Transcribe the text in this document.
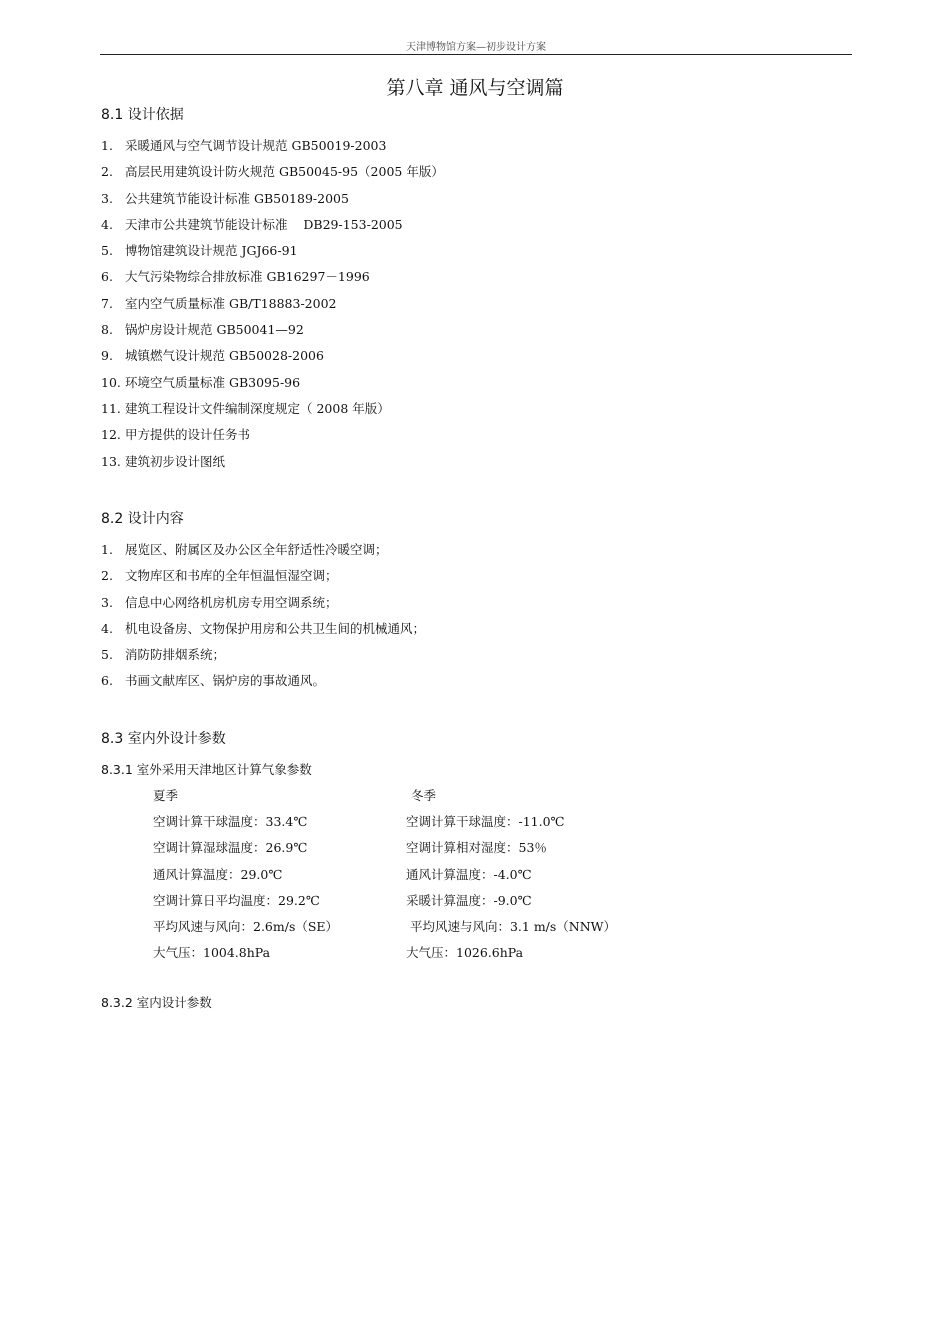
天津博物馆方案—初步设计方案
第八章 通风与空调篇
8.1 设计依据
1. 采暖通风与空气调节设计规范 GB50019-2003
2. 高层民用建筑设计防火规范 GB50045-95（2005 年版）
3. 公共建筑节能设计标准 GB50189-2005
4. 天津市公共建筑节能设计标准    DB29-153-2005
5. 博物馆建筑设计规范 JGJ66-91
6. 大气污染物综合排放标准 GB16297－1996
7. 室内空气质量标准 GB/T18883-2002
8. 锅炉房设计规范 GB50041—92
9. 城镇燃气设计规范 GB50028-2006
10. 环境空气质量标准 GB3095-96
11. 建筑工程设计文件编制深度规定（ 2008 年版）
12. 甲方提供的设计任务书
13. 建筑初步设计图纸
8.2 设计内容
1. 展览区、附属区及办公区全年舒适性冷暖空调；
2. 文物库区和书库的全年恒温恒湿空调；
3. 信息中心网络机房机房专用空调系统；
4. 机电设备房、文物保护用房和公共卫生间的机械通风；
5. 消防防排烟系统；
6. 书画文献库区、锅炉房的事故通风。
8.3 室内外设计参数
8.3.1 室外采用天津地区计算气象参数
夏季	冬季
空调计算干球温度：33.4℃	空调计算干球温度：-11.0℃
空调计算湿球温度：26.9℃	空调计算相对湿度：53％
通风计算温度：29.0℃	通风计算温度：-4.0℃
空调计算日平均温度：29.2℃	采暖计算温度：-9.0℃
平均风速与风向：2.6m/s（SE）	平均风速与风向：3.1 m/s（NNW）
大气压：1004.8hPa	大气压：1026.6hPa
8.3.2 室内设计参数
